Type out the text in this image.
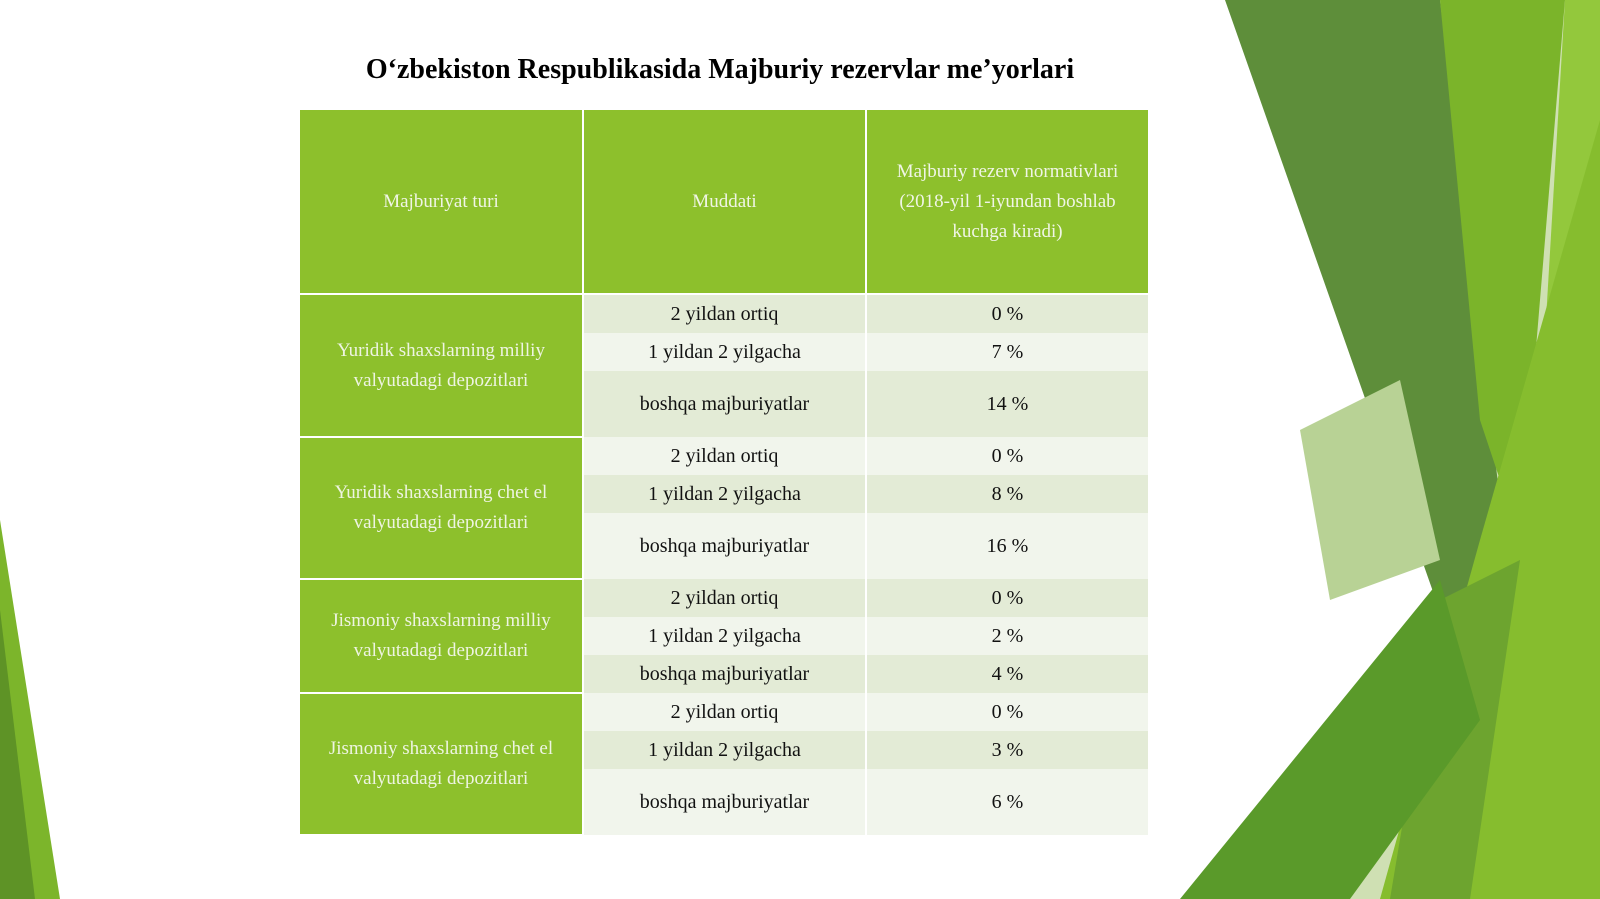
O‘zbekiston Respublikasida Majburiy rezervlar me’yorlari
Majburiyat turi	Muddati	Majburiy rezerv normativlari (2018-yil 1-iyundan boshlab kuchga kiradi)
Yuridik shaxslarning milliy valyutadagi depozitlari	2 yildan ortiq	0 %
	1 yildan 2 yilgacha	7 %
	boshqa majburiyatlar	14 %
Yuridik shaxslarning chet el valyutadagi depozitlari	2 yildan ortiq	0 %
	1 yildan 2 yilgacha	8 %
	boshqa majburiyatlar	16 %
Jismoniy shaxslarning milliy valyutadagi depozitlari	2 yildan ortiq	0 %
	1 yildan 2 yilgacha	2 %
	boshqa majburiyatlar	4 %
Jismoniy shaxslarning chet el valyutadagi depozitlari	2 yildan ortiq	0 %
	1 yildan 2 yilgacha	3 %
	boshqa majburiyatlar	6 %
